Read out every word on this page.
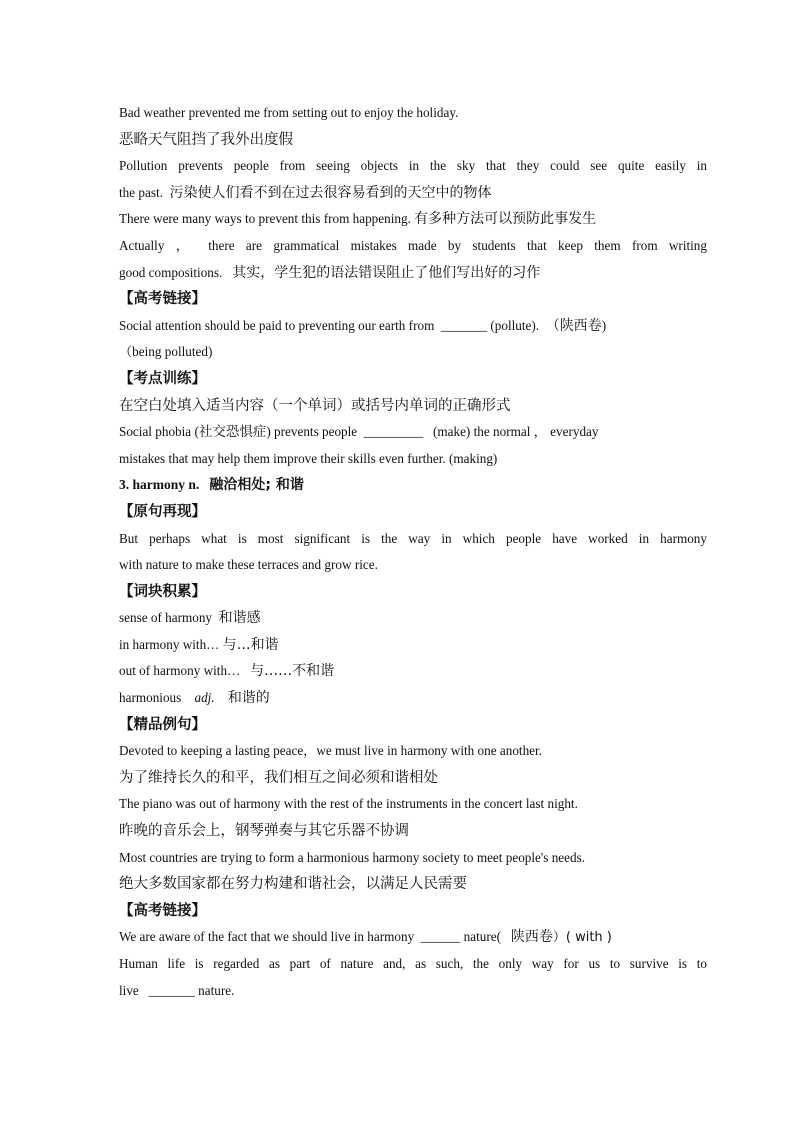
Bad weather prevented me from setting out to enjoy the holiday.
恶略天气阻挡了我外出度假
Pollution prevents people from seeing objects in the sky that they could see quite easily in
the past. 污染使人们看不到在过去很容易看到的天空中的物体
There were many ways to prevent this from happening. 有多种方法可以预防此事发生
Actually ， there are grammatical mistakes made by students that keep them from writing
good compositions. 其实，学生犯的语法错误阻止了他们写出好的习作
【高考链接】
Social attention should be paid to preventing our earth from _______ (pollute). （陕西卷)
（being polluted)
【考点训练】
在空白处填入适当内容（一个单词）或括号内单词的正确形式
Social phobia (社交恐惧症) prevents people _________ (make) the normal ， everyday
mistakes that may help them improve their skills even further. (making)
3. harmony n. 融洽相处; 和谐
【原句再现】
But perhaps what is most significant is the way in which people have worked in harmony
with nature to make these terraces and grow rice.
【词块积累】
sense of harmony 和谐感
in harmony with… 与…和谐
out of harmony with… 与……不和谐
harmonious adj. 和谐的
【精品例句】
Devoted to keeping a lasting peace，we must live in harmony with one another.
为了维持长久的和平，我们相互之间必须和谐相处
The piano was out of harmony with the rest of the instruments in the concert last night.
昨晚的音乐会上，钢琴弹奏与其它乐器不协调
Most countries are trying to form a harmonious harmony society to meet people's needs.
绝大多数国家都在努力构建和谐社会，以满足人民需要
【高考链接】
We are aware of the fact that we should live in harmony ______ nature( 陕西卷）( with )
Human life is regarded as part of nature and, as such, the only way for us to survive is to
live _______ nature.
